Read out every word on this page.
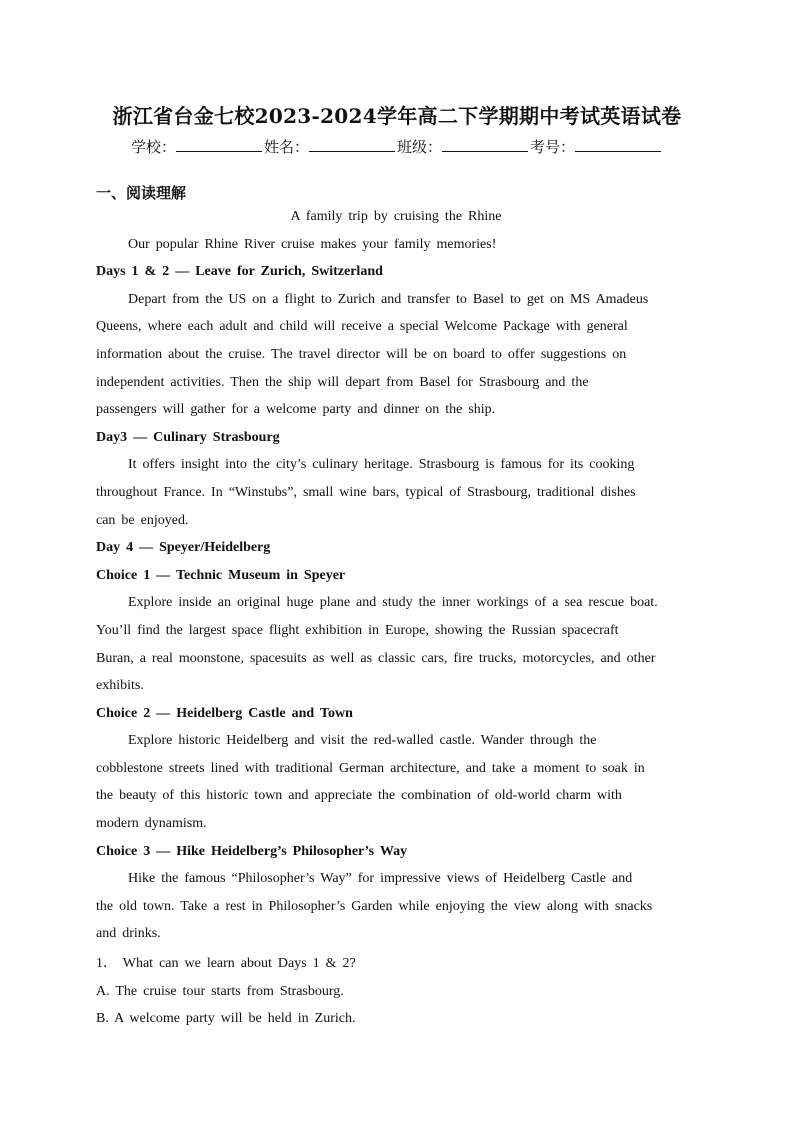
浙江省台金七校2023-2024学年高二下学期期中考试英语试卷
学校：	姓名：	班级：	考号：
一、阅读理解
A family trip by cruising the Rhine
Our popular Rhine River cruise makes your family memories!
Days 1 & 2 — Leave for Zurich, Switzerland
Depart from the US on a flight to Zurich and transfer to Basel to get on MS Amadeus
Queens, where each adult and child will receive a special Welcome Package with general
information about the cruise. The travel director will be on board to offer suggestions on
independent activities. Then the ship will depart from Basel for Strasbourg and the
passengers will gather for a welcome party and dinner on the ship.
Day3 — Culinary Strasbourg
It offers insight into the city’s culinary heritage. Strasbourg is famous for its cooking
throughout France. In “Winstubs”, small wine bars, typical of Strasbourg, traditional dishes
can be enjoyed.
Day 4 — Speyer/Heidelberg
Choice 1 — Technic Museum in Speyer
Explore inside an original huge plane and study the inner workings of a sea rescue boat.
You’ll find the largest space flight exhibition in Europe, showing the Russian spacecraft
Buran, a real moonstone, spacesuits as well as classic cars, fire trucks, motorcycles, and other
exhibits.
Choice 2 — Heidelberg Castle and Town
Explore historic Heidelberg and visit the red-walled castle. Wander through the
cobblestone streets lined with traditional German architecture, and take a moment to soak in
the beauty of this historic town and appreciate the combination of old-world charm with
modern dynamism.
Choice 3 — Hike Heidelberg’s Philosopher’s Way
Hike the famous “Philosopher’s Way” for impressive views of Heidelberg Castle and
the old town. Take a rest in Philosopher’s Garden while enjoying the view along with snacks
and drinks.
1． What can we learn about Days 1 & 2?
A. The cruise tour starts from Strasbourg.
B. A welcome party will be held in Zurich.
